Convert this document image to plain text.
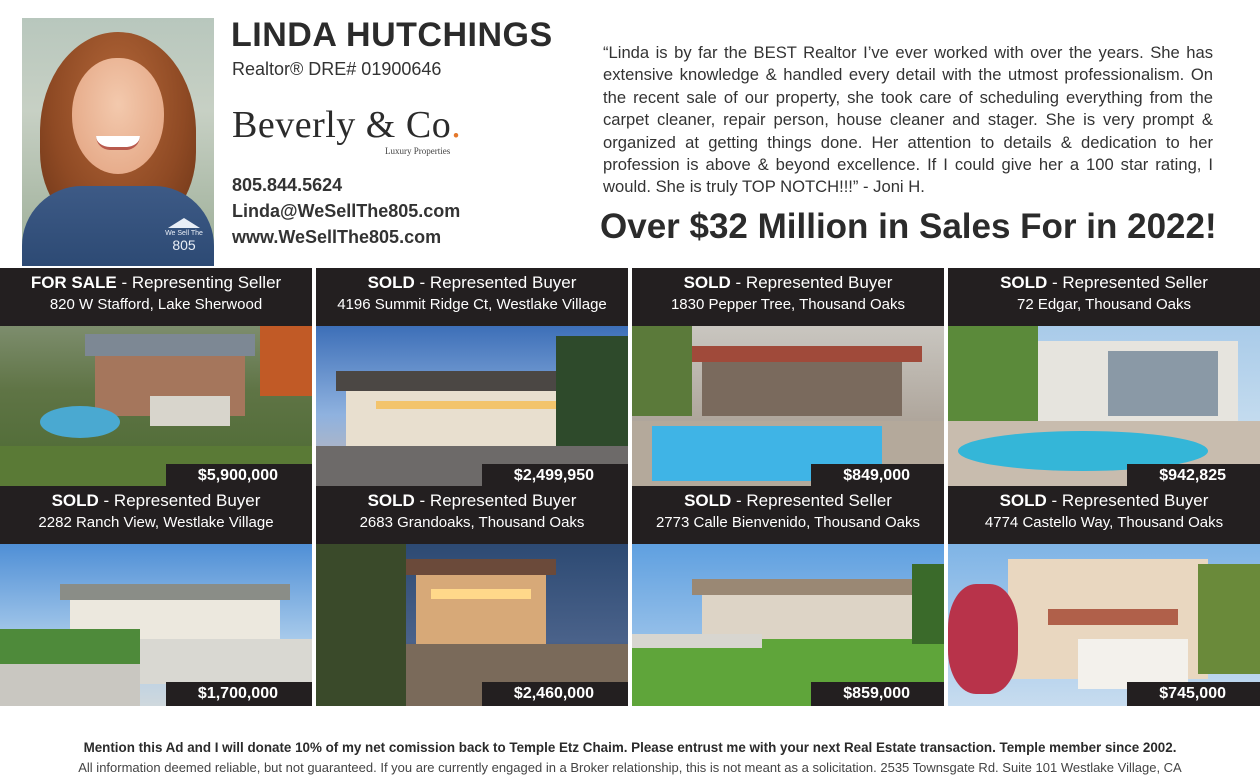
We Sell The
805
LINDA HUTCHINGS
Realtor® DRE# 01900646
Beverly & Co.
Luxury Properties
805.844.5624
Linda@WeSellThe805.com
www.WeSellThe805.com
“Linda is by far the BEST Realtor I’ve ever worked with over the years. She has extensive knowledge & handled every detail with the utmost professionalism. On the recent sale of our property, she took care of scheduling everything from the carpet cleaner, repair person, house cleaner and stager. She is very prompt & organized at getting things done. Her attention to details & dedication to her profession is above & beyond excellence. If I could give her a 100 star rating, I would. She is truly TOP NOTCH!!!” - Joni H.
Over $32 Million in Sales For in 2022!
FOR SALE - Representing Seller
820 W Stafford, Lake Sherwood
$5,900,000
SOLD - Represented Buyer
4196 Summit Ridge Ct, Westlake Village
$2,499,950
SOLD - Represented Buyer
1830 Pepper Tree, Thousand Oaks
$849,000
SOLD - Represented Seller
72 Edgar, Thousand Oaks
$942,825
SOLD - Represented Buyer
2282 Ranch View, Westlake Village
$1,700,000
SOLD - Represented Buyer
2683 Grandoaks, Thousand Oaks
$2,460,000
SOLD - Represented Seller
2773 Calle Bienvenido, Thousand Oaks
$859,000
SOLD - Represented Buyer
4774 Castello Way, Thousand Oaks
$745,000
Mention this Ad and I will donate 10% of my net comission back to Temple Etz Chaim. Please entrust me with your next Real Estate transaction. Temple member since 2002.
All information deemed reliable, but not guaranteed. If you are currently engaged in a Broker relationship, this is not meant as a solicitation. 2535 Townsgate Rd. Suite 101 Westlake Village, CA
